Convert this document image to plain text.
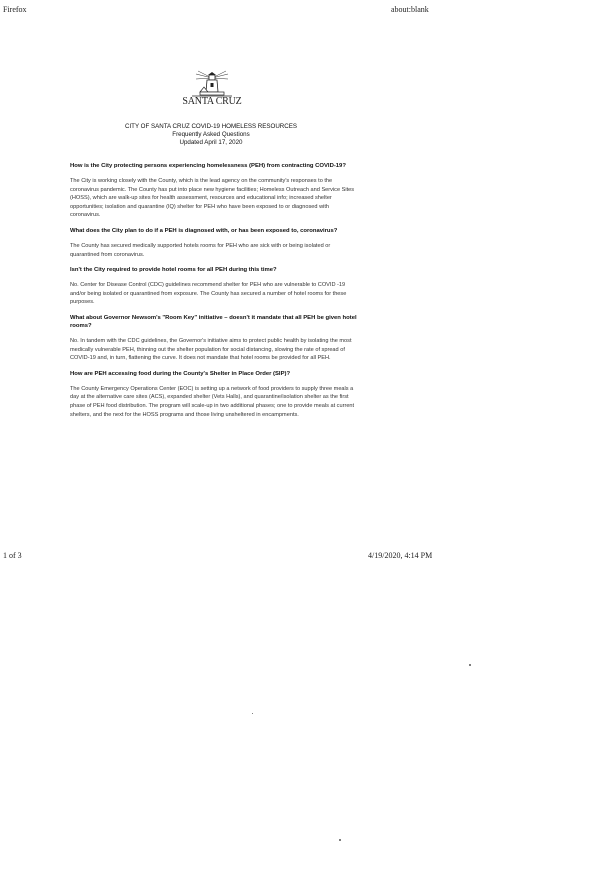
Firefox	about:blank
SANTA CRUZ
CITY OF SANTA CRUZ COVID-19 HOMELESS RESOURCES
Frequently Asked Questions
Updated April 17, 2020
How is the City protecting persons experiencing homelessness (PEH) from contracting COVID-19?
The City is working closely with the County, which is the lead agency on the community's responses to the coronavirus pandemic. The County has put into place new hygiene facilities; Homeless Outreach and Service Sites (HOSS), which are walk-up sites for health assessment, resources and educational info; increased shelter opportunities; isolation and quarantine (IQ) shelter for PEH who have been exposed to or diagnosed with coronavirus.
What does the City plan to do if a PEH is diagnosed with, or has been exposed to, coronavirus?
The County has secured medically supported hotels rooms for PEH who are sick with or being isolated or quarantined from coronavirus.
Isn't the City required to provide hotel rooms for all PEH during this time?
No. Center for Disease Control (CDC) guidelines recommend shelter for PEH who are vulnerable to COVID -19 and/or being isolated or quarantined from exposure. The County has secured a number of hotel rooms for these purposes.
What about Governor Newsom's "Room Key" initiative – doesn't it mandate that all PEH be given hotel rooms?
No. In tandem with the CDC guidelines, the Governor's initiative aims to protect public health by isolating the most medically vulnerable PEH, thinning out the shelter population for social distancing, slowing the rate of spread of COVID-19 and, in turn, flattening the curve. It does not mandate that hotel rooms be provided for all PEH.
How are PEH accessing food during the County's Shelter in Place Order (SIP)?
The County Emergency Operations Center (EOC) is setting up a network of food providers to supply three meals a day at the alternative care sites (ACS), expanded shelter (Vets Halls), and quarantine/isolation shelter as the first phase of PEH food distribution. The program will scale-up in two additional phases; one to provide meals at current shelters, and the next for the HOSS programs and those living unsheltered in encampments.
1 of 3	4/19/2020, 4:14 PM
